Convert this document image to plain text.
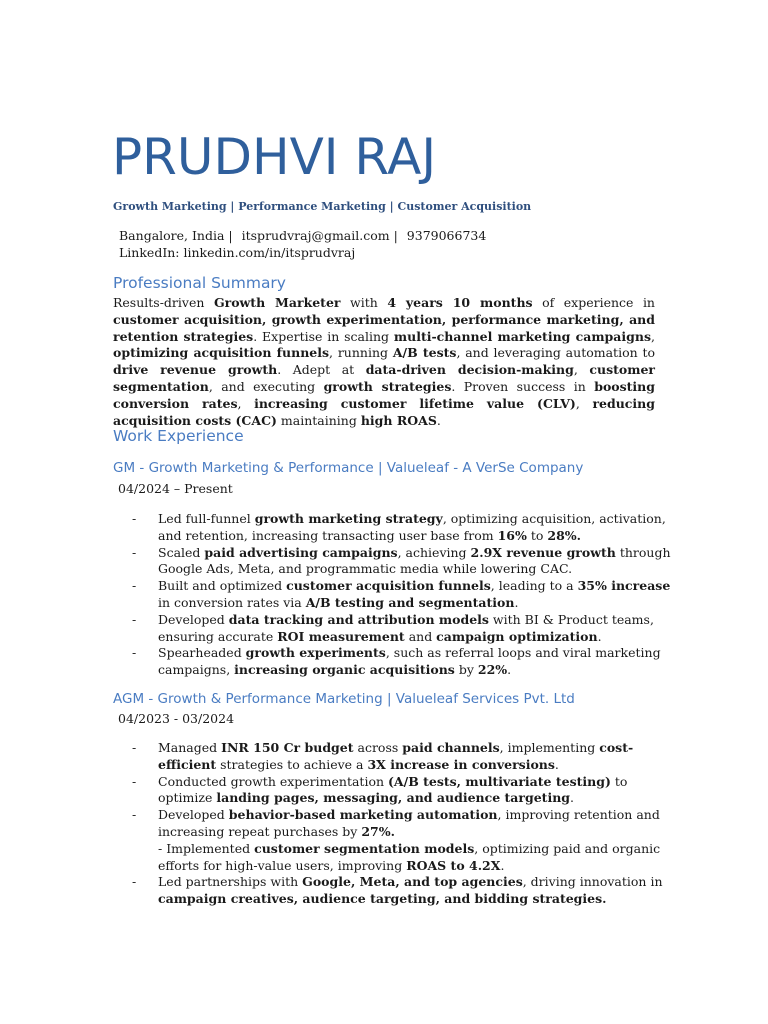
PRUDHVI RAJ
Growth Marketing | Performance Marketing | Customer Acquisition
Bangalore, India | itsprudvraj@gmail.com | 9379066734
LinkedIn: linkedin.com/in/itsprudvraj
Professional Summary

Results-driven Growth Marketer with 4 years 10 months of experience in customer acquisition, growth experimentation, performance marketing, and retention strategies. Expertise in scaling multi-channel marketing campaigns, optimizing acquisition funnels, running A/B tests, and leveraging automation to drive revenue growth. Adept at data-driven decision-making, customer segmentation, and executing growth strategies. Proven success in boosting conversion rates, increasing customer lifetime value (CLV), reducing acquisition costs (CAC) maintaining high ROAS.

Work Experience
GM - Growth Marketing & Performance | Valueleaf - A VerSe Company
04/2024 – Present
- Led full-funnel growth marketing strategy, optimizing acquisition, activation, and retention, increasing transacting user base from 16% to 28%.
- Scaled paid advertising campaigns, achieving 2.9X revenue growth through Google Ads, Meta, and programmatic media while lowering CAC.
- Built and optimized customer acquisition funnels, leading to a 35% increase in conversion rates via A/B testing and segmentation.
- Developed data tracking and attribution models with BI & Product teams, ensuring accurate ROI measurement and campaign optimization.
- Spearheaded growth experiments, such as referral loops and viral marketing campaigns, increasing organic acquisitions by 22%.
AGM - Growth & Performance Marketing | Valueleaf Services Pvt. Ltd
04/2023 - 03/2024
- Managed INR 150 Cr budget across paid channels, implementing cost-efficient strategies to achieve a 3X increase in conversions.
- Conducted growth experimentation (A/B tests, multivariate testing) to optimize landing pages, messaging, and audience targeting.
- Developed behavior-based marketing automation, improving retention and increasing repeat purchases by 27%.
- Implemented customer segmentation models, optimizing paid and organic efforts for high-value users, improving ROAS to 4.2X.
- Led partnerships with Google, Meta, and top agencies, driving innovation in campaign creatives, audience targeting, and bidding strategies.
